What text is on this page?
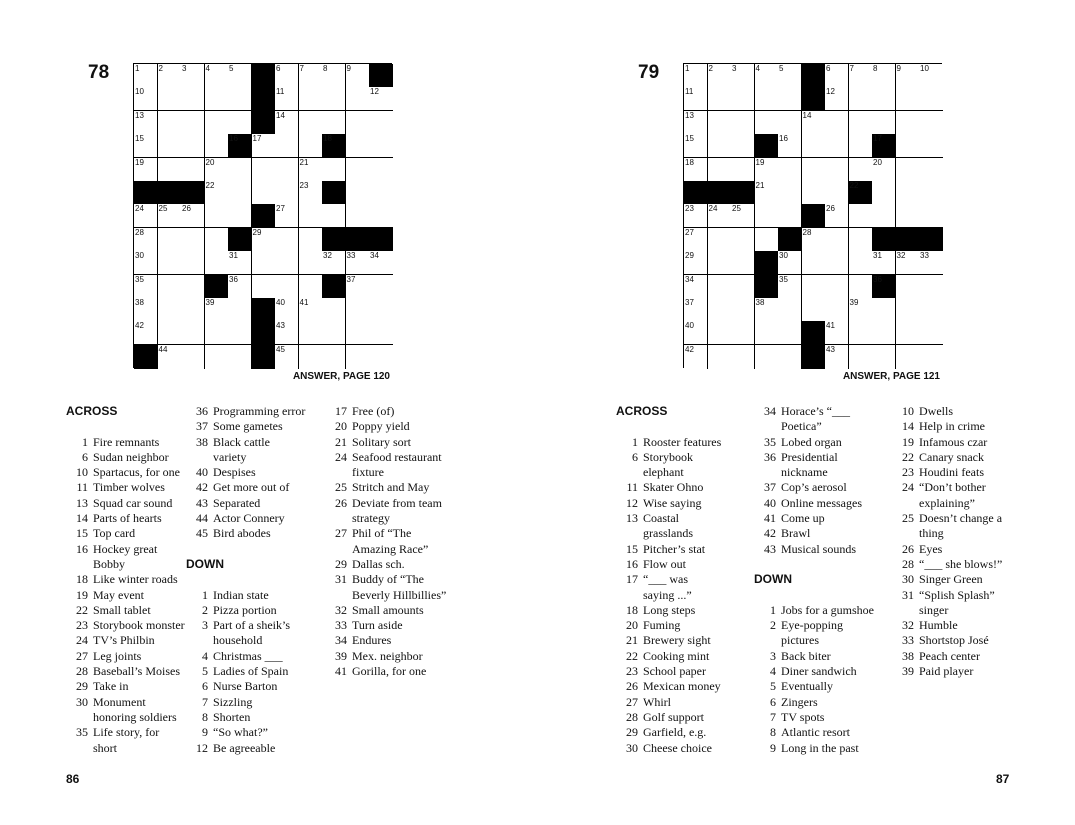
78	1 2 3 4 5	6 7 8 9
10	11	12
13	14
15	16 17	18
19	20	21
22	23
24 25 26	27
28	29
30	31	32 33 34
35	36	37
38	39	40 41
42	43
44	45
ANSWER, PAGE 120
ACROSS
1 Fire remnants
6 Sudan neighbor
10 Spartacus, for one
11 Timber wolves
13 Squad car sound
14 Parts of hearts
15 Top card
16 Hockey great
Bobby
18 Like winter roads
19 May event
22 Small tablet
23 Storybook monster
24 TV’s Philbin
27 Leg joints
28 Baseball’s Moises
29 Take in
30 Monument
honoring soldiers
35 Life story, for
short
36 Programming error
37 Some gametes
38 Black cattle
variety
40 Despises
42 Get more out of
43 Separated
44 Actor Connery
45 Bird abodes
DOWN
1 Indian state
2 Pizza portion
3 Part of a sheik’s
household
4 Christmas ___
5 Ladies of Spain
6 Nurse Barton
7 Sizzling
8 Shorten
9 “So what?”
12 Be agreeable
17 Free (of)
20 Poppy yield
21 Solitary sort
24 Seafood restaurant
fixture
25 Stritch and May
26 Deviate from team
strategy
27 Phil of “The
Amazing Race”
29 Dallas sch.
31 Buddy of “The
Beverly Hillbillies”
32 Small amounts
33 Turn aside
34 Endures
39 Mex. neighbor
41 Gorilla, for one
86
79	1 2 3 4 5	6 7 8 9 10
11	12
13	14
15	16	17
18	19	20
21	22
23 24 25	26
27	28
29	30	31 32 33
34	35	36
37	38	39
40	41
42	43
ANSWER, PAGE 121
ACROSS
1 Rooster features
6 Storybook
elephant
11 Skater Ohno
12 Wise saying
13 Coastal
grasslands
15 Pitcher’s stat
16 Flow out
17 “___ was
saying ...”
18 Long steps
20 Fuming
21 Brewery sight
22 Cooking mint
23 School paper
26 Mexican money
27 Whirl
28 Golf support
29 Garfield, e.g.
30 Cheese choice
34 Horace’s “___
Poetica”
35 Lobed organ
36 Presidential
nickname
37 Cop’s aerosol
40 Online messages
41 Come up
42 Brawl
43 Musical sounds
DOWN
1 Jobs for a gumshoe
2 Eye-popping
pictures
3 Back biter
4 Diner sandwich
5 Eventually
6 Zingers
7 TV spots
8 Atlantic resort
9 Long in the past
10 Dwells
14 Help in crime
19 Infamous czar
22 Canary snack
23 Houdini feats
24 “Don’t bother
explaining”
25 Doesn’t change a
thing
26 Eyes
28 “___ she blows!”
30 Singer Green
31 “Splish Splash”
singer
32 Humble
33 Shortstop José
38 Peach center
39 Paid player
87
